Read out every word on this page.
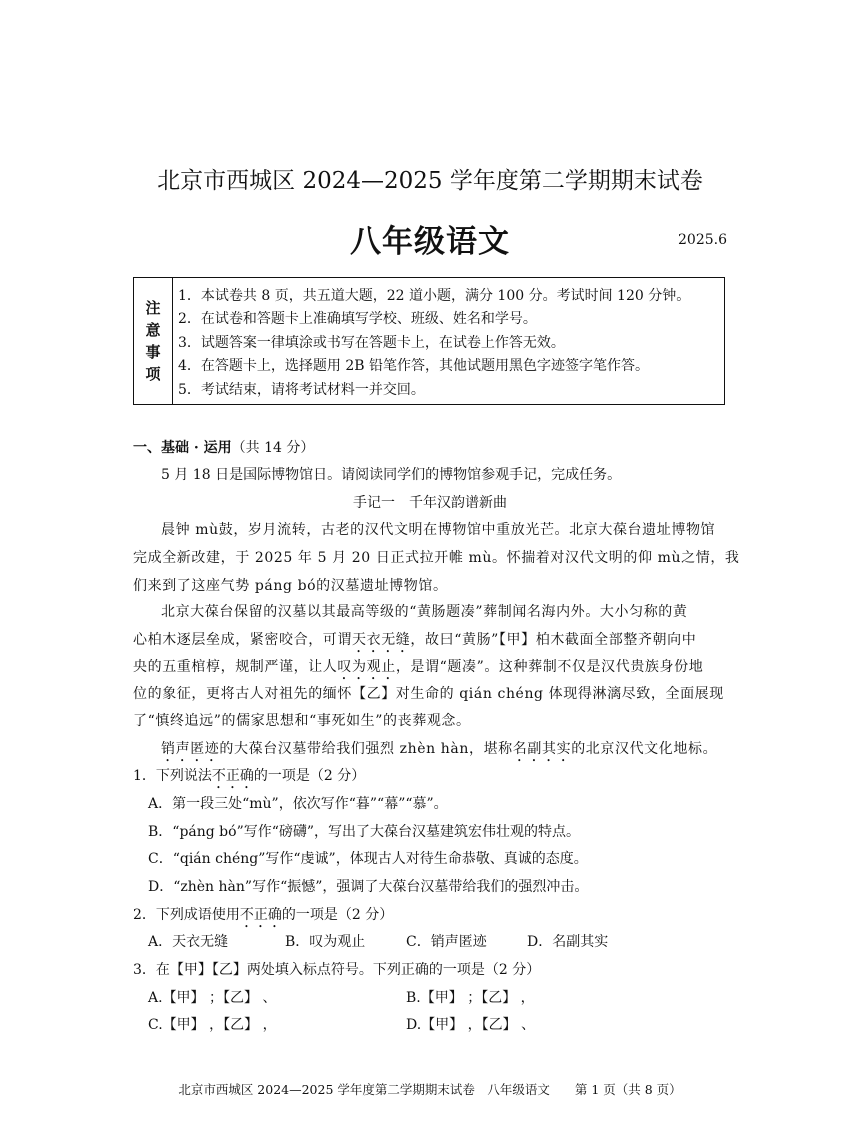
北京市西城区 2024—2025 学年度第二学期期末试卷
八年级语文	2025.6
注
意
事
项
1．本试卷共 8 页，共五道大题，22 道小题，满分 100 分。考试时间 120 分钟。
2．在试卷和答题卡上准确填写学校、班级、姓名和学号。
3．试题答案一律填涂或书写在答题卡上，在试卷上作答无效。
4．在答题卡上，选择题用 2B 铅笔作答，其他试题用黑色字迹签字笔作答。
5．考试结束，请将考试材料一并交回。
一、基础 · 运用（共 14 分）
5 月 18 日是国际博物馆日。请阅读同学们的博物馆参观手记，完成任务。
手记一　千年汉韵谱新曲
晨钟 mù鼓，岁月流转，古老的汉代文明在博物馆中重放光芒。北京大葆台遗址博物馆
完成全新改建，于 2025 年 5 月 20 日正式拉开帷 mù。怀揣着对汉代文明的仰 mù之情，我
们来到了这座气势 páng bó的汉墓遗址博物馆。
北京大葆台保留的汉墓以其最高等级的“黄肠题凑”葬制闻名海内外。大小匀称的黄
心柏木逐层垒成，紧密咬合，可谓天衣无缝，故曰“黄肠”【甲】柏木截面全部整齐朝向中
央的五重棺椁，规制严谨，让人叹为观止，是谓“题凑”。这种葬制不仅是汉代贵族身份地
位的象征，更将古人对祖先的缅怀【乙】对生命的 qián chéng 体现得淋漓尽致，全面展现
了“慎终追远”的儒家思想和“事死如生”的丧葬观念。
销声匿迹的大葆台汉墓带给我们强烈 zhèn hàn，堪称名副其实的北京汉代文化地标。
1．下列说法不正确的一项是（2 分）
A．第一段三处“mù”，依次写作“暮”“幕”“慕”。
B．“páng bó”写作“磅礴”，写出了大葆台汉墓建筑宏伟壮观的特点。
C．“qián chéng”写作“虔诚”，体现古人对待生命恭敬、真诚的态度。
D．“zhèn hàn”写作“振憾”，强调了大葆台汉墓带给我们的强烈冲击。
2．下列成语使用不正确的一项是（2 分）
A．天衣无缝	B．叹为观止	C．销声匿迹	D．名副其实
3．在【甲】【乙】两处填入标点符号。下列正确的一项是（2 分）
A.【甲】 ；【乙】 、	B.【甲】 ；【乙】 ，
C.【甲】 ，【乙】 ，	D.【甲】 ，【乙】 、
北京市西城区 2024—2025 学年度第二学期期末试卷　八年级语文　　第 1 页（共 8 页）
